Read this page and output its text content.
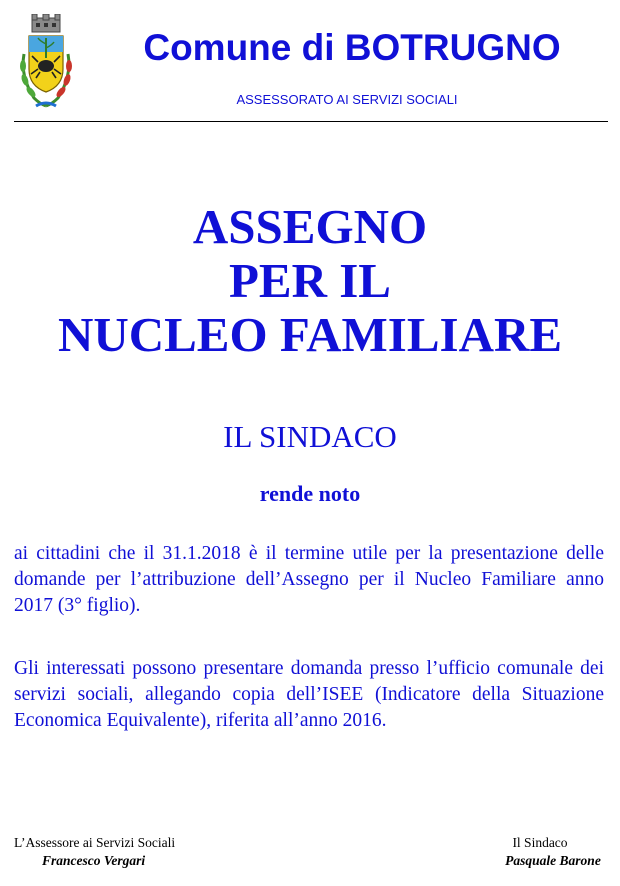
Comune di BOTRUGNO
ASSESSORATO AI SERVIZI SOCIALI
ASSEGNO
PER IL
NUCLEO FAMILIARE
IL SINDACO
rende noto

ai cittadini che il 31.1.2018 è il termine utile per la presentazione delle domande per l’attribuzione dell’Assegno per il Nucleo Familiare anno 2017 (3° figlio).

Gli interessati possono presentare domanda presso l’ufficio comunale dei servizi sociali, allegando copia dell’ISEE (Indicatore della Situazione Economica Equivalente), riferita all’anno 2016.

L’Assessore ai Servizi Sociali
Francesco Vergari
Il Sindaco
Pasquale Barone
